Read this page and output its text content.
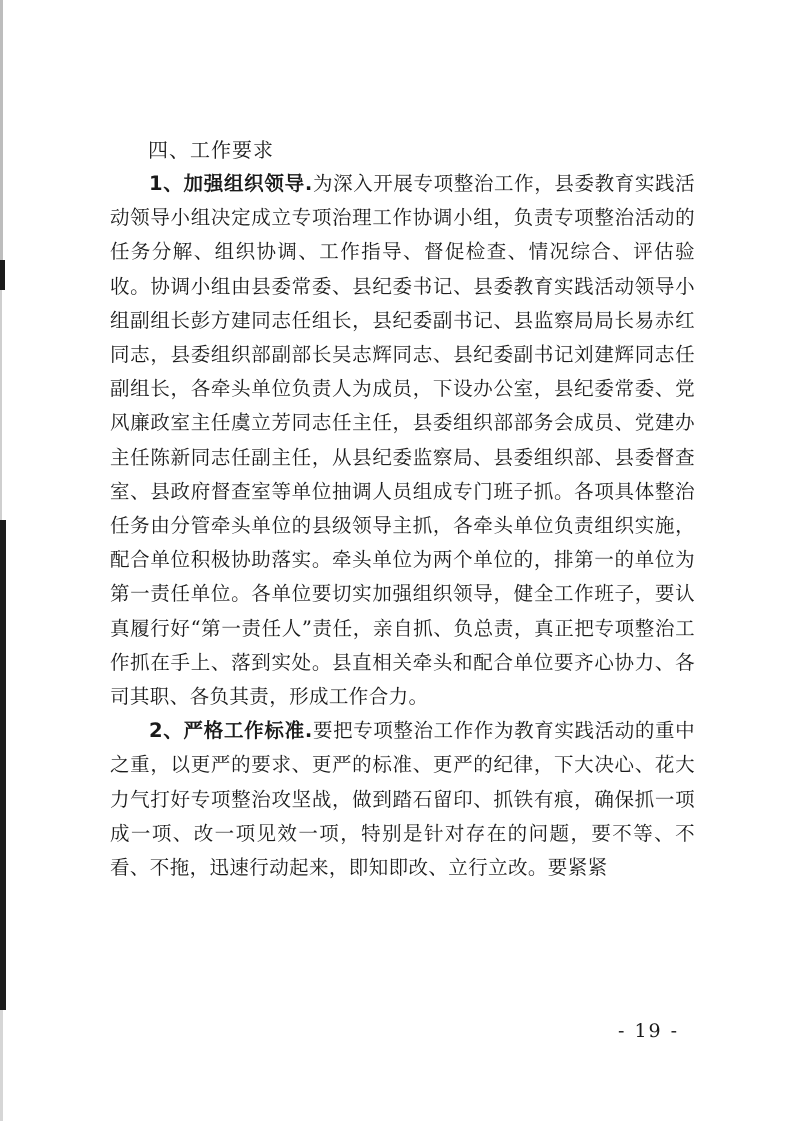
四、工作要求

1、加强组织领导.为深入开展专项整治工作，县委教育实践活动领导小组决定成立专项治理工作协调小组，负责专项整治活动的任务分解、组织协调、工作指导、督促检查、情况综合、评估验收。协调小组由县委常委、县纪委书记、县委教育实践活动领导小组副组长彭方建同志任组长，县纪委副书记、县监察局局长易赤红同志，县委组织部副部长吴志辉同志、县纪委副书记刘建辉同志任副组长，各牵头单位负责人为成员，下设办公室，县纪委常委、党风廉政室主任虞立芳同志任主任，县委组织部部务会成员、党建办主任陈新同志任副主任，从县纪委监察局、县委组织部、县委督查室、县政府督查室等单位抽调人员组成专门班子抓。各项具体整治任务由分管牵头单位的县级领导主抓，各牵头单位负责组织实施，配合单位积极协助落实。牵头单位为两个单位的，排第一的单位为第一责任单位。各单位要切实加强组织领导，健全工作班子，要认真履行好“第一责任人”责任，亲自抓、负总责，真正把专项整治工作抓在手上、落到实处。县直相关牵头和配合单位要齐心协力、各司其职、各负其责，形成工作合力。

2、严格工作标准.要把专项整治工作作为教育实践活动的重中之重，以更严的要求、更严的标准、更严的纪律，下大决心、花大力气打好专项整治攻坚战，做到踏石留印、抓铁有痕，确保抓一项成一项、改一项见效一项，特别是针对存在的问题，要不等、不看、不拖，迅速行动起来，即知即改、立行立改。要紧紧

- 19 -
